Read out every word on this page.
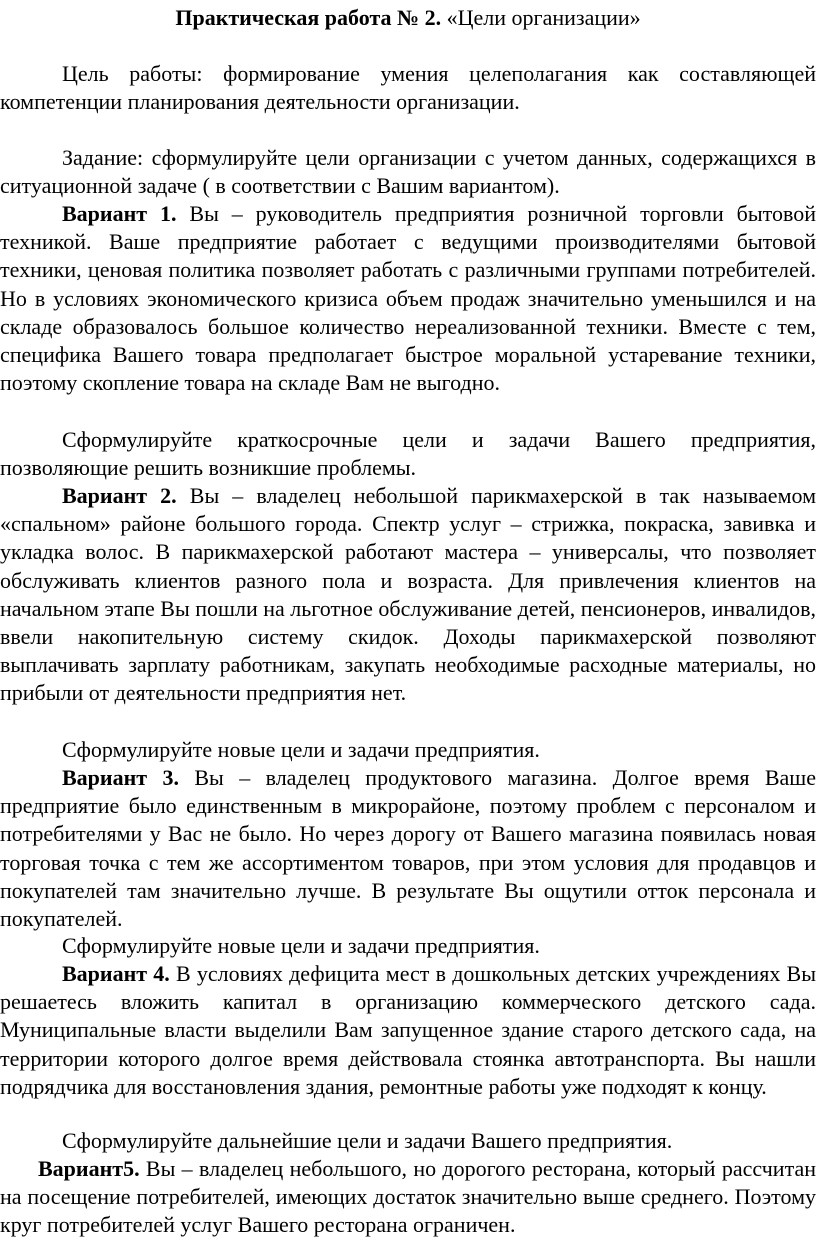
Практическая работа № 2. «Цели организации»
Цель работы: формирование умения целеполагания как составляющей компетенции планирования деятельности организации.
Задание: сформулируйте цели организации с учетом данных, содержащихся в ситуационной задаче ( в соответствии с Вашим вариантом).
Вариант 1. Вы – руководитель предприятия розничной торговли бытовой техникой. Ваше предприятие работает с ведущими производителями бытовой техники, ценовая политика позволяет работать с различными группами потребителей. Но в условиях экономического кризиса объем продаж значительно уменьшился и на складе образовалось большое количество нереализованной техники. Вместе с тем, специфика Вашего товара предполагает быстрое моральной устаревание техники, поэтому скопление товара на складе Вам не выгодно.
Сформулируйте краткосрочные цели и задачи Вашего предприятия, позволяющие решить возникшие проблемы.
Вариант 2. Вы – владелец небольшой парикмахерской в так называемом «спальном» районе большого города. Спектр услуг – стрижка, покраска, завивка и укладка волос. В парикмахерской работают мастера – универсалы, что позволяет обслуживать клиентов разного пола и возраста. Для привлечения клиентов на начальном этапе Вы пошли на льготное обслуживание детей, пенсионеров, инвалидов, ввели накопительную систему скидок. Доходы парикмахерской позволяют выплачивать зарплату работникам, закупать необходимые расходные материалы, но прибыли от деятельности предприятия нет.
Сформулируйте новые цели и задачи предприятия.
Вариант 3. Вы – владелец продуктового магазина. Долгое время Ваше предприятие было единственным в микрорайоне, поэтому проблем с персоналом и потребителями у Вас не было. Но через дорогу от Вашего магазина появилась новая торговая точка с тем же ассортиментом товаров, при этом условия для продавцов и покупателей там значительно лучше. В результате Вы ощутили отток персонала и покупателей.
Сформулируйте новые цели и задачи предприятия.
Вариант 4. В условиях дефицита мест в дошкольных детских учреждениях Вы решаетесь вложить капитал в организацию коммерческого детского сада. Муниципальные власти выделили Вам запущенное здание старого детского сада, на территории которого долгое время действовала стоянка автотранспорта. Вы нашли подрядчика для восстановления здания, ремонтные работы уже подходят к концу.
Сформулируйте дальнейшие цели и задачи Вашего предприятия.
Вариант5. Вы – владелец небольшого, но дорогого ресторана, который рассчитан на посещение потребителей, имеющих достаток значительно выше среднего. Поэтому круг потребителей услуг Вашего ресторана ограничен.
